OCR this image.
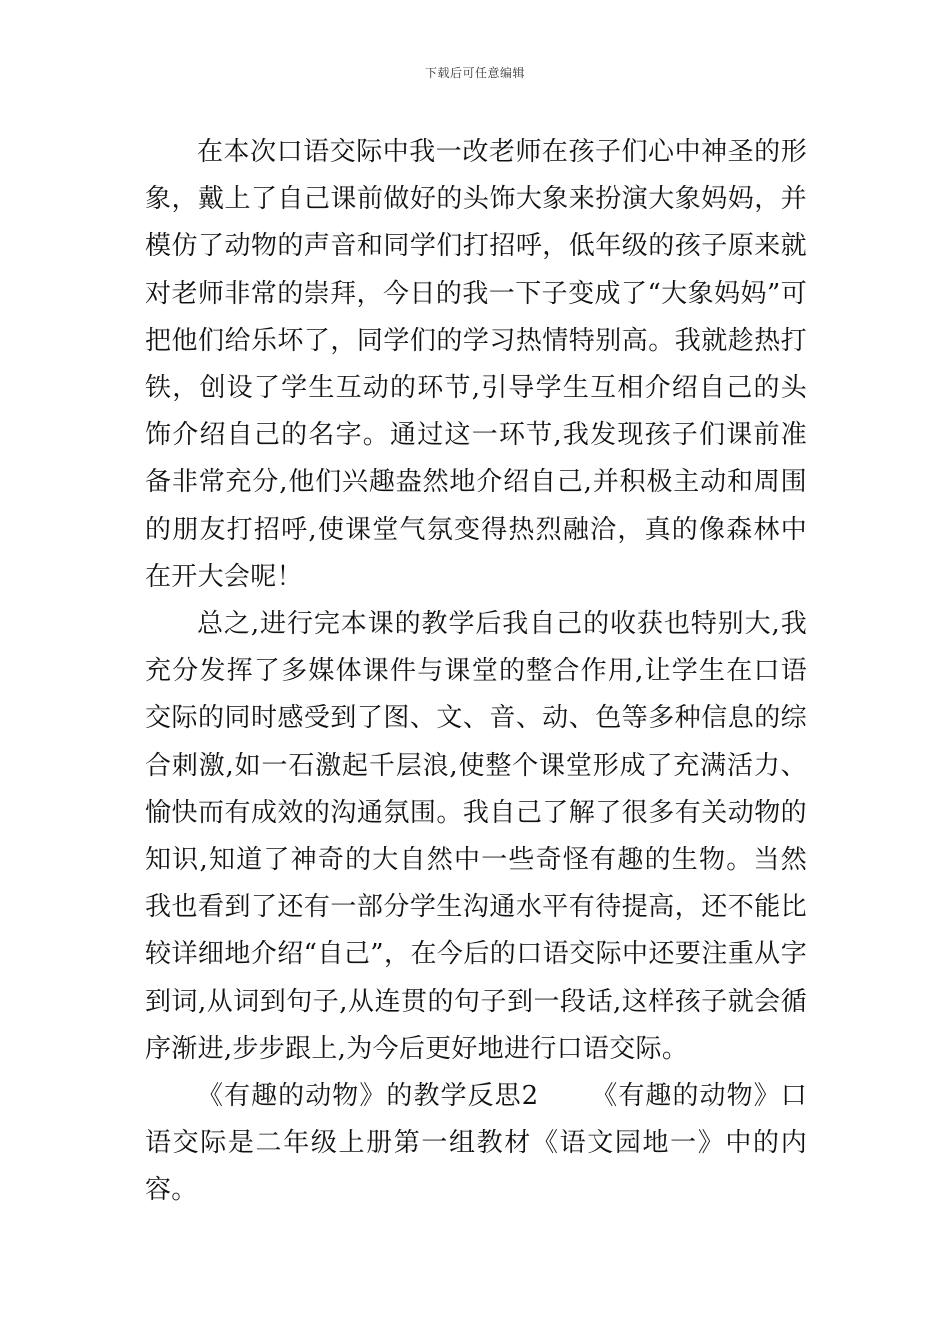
下载后可任意编辑

在本次口语交际中我一改老师在孩子们心中神圣的形象，戴上了自己课前做好的头饰大象来扮演大象妈妈，并模仿了动物的声音和同学们打招呼，低年级的孩子原来就对老师非常的崇拜，今日的我一下子变成了“大象妈妈”可把他们给乐坏了，同学们的学习热情特别高。我就趁热打铁，创设了学生互动的环节,引导学生互相介绍自己的头饰介绍自己的名字。通过这一环节,我发现孩子们课前准备非常充分,他们兴趣盎然地介绍自己,并积极主动和周围的朋友打招呼,使课堂气氛变得热烈融洽，真的像森林中在开大会呢！

总之,进行完本课的教学后我自己的收获也特别大,我充分发挥了多媒体课件与课堂的整合作用,让学生在口语交际的同时感受到了图、文、音、动、色等多种信息的综合刺激,如一石激起千层浪,使整个课堂形成了充满活力、愉快而有成效的沟通氛围。我自己了解了很多有关动物的知识,知道了神奇的大自然中一些奇怪有趣的生物。当然我也看到了还有一部分学生沟通水平有待提高，还不能比较详细地介绍“自己”，在今后的口语交际中还要注重从字到词,从词到句子,从连贯的句子到一段话,这样孩子就会循序渐进,步步跟上,为今后更好地进行口语交际。

《有趣的动物》的教学反思2 《有趣的动物》口语交际是二年级上册第一组教材《语文园地一》中的内容。
